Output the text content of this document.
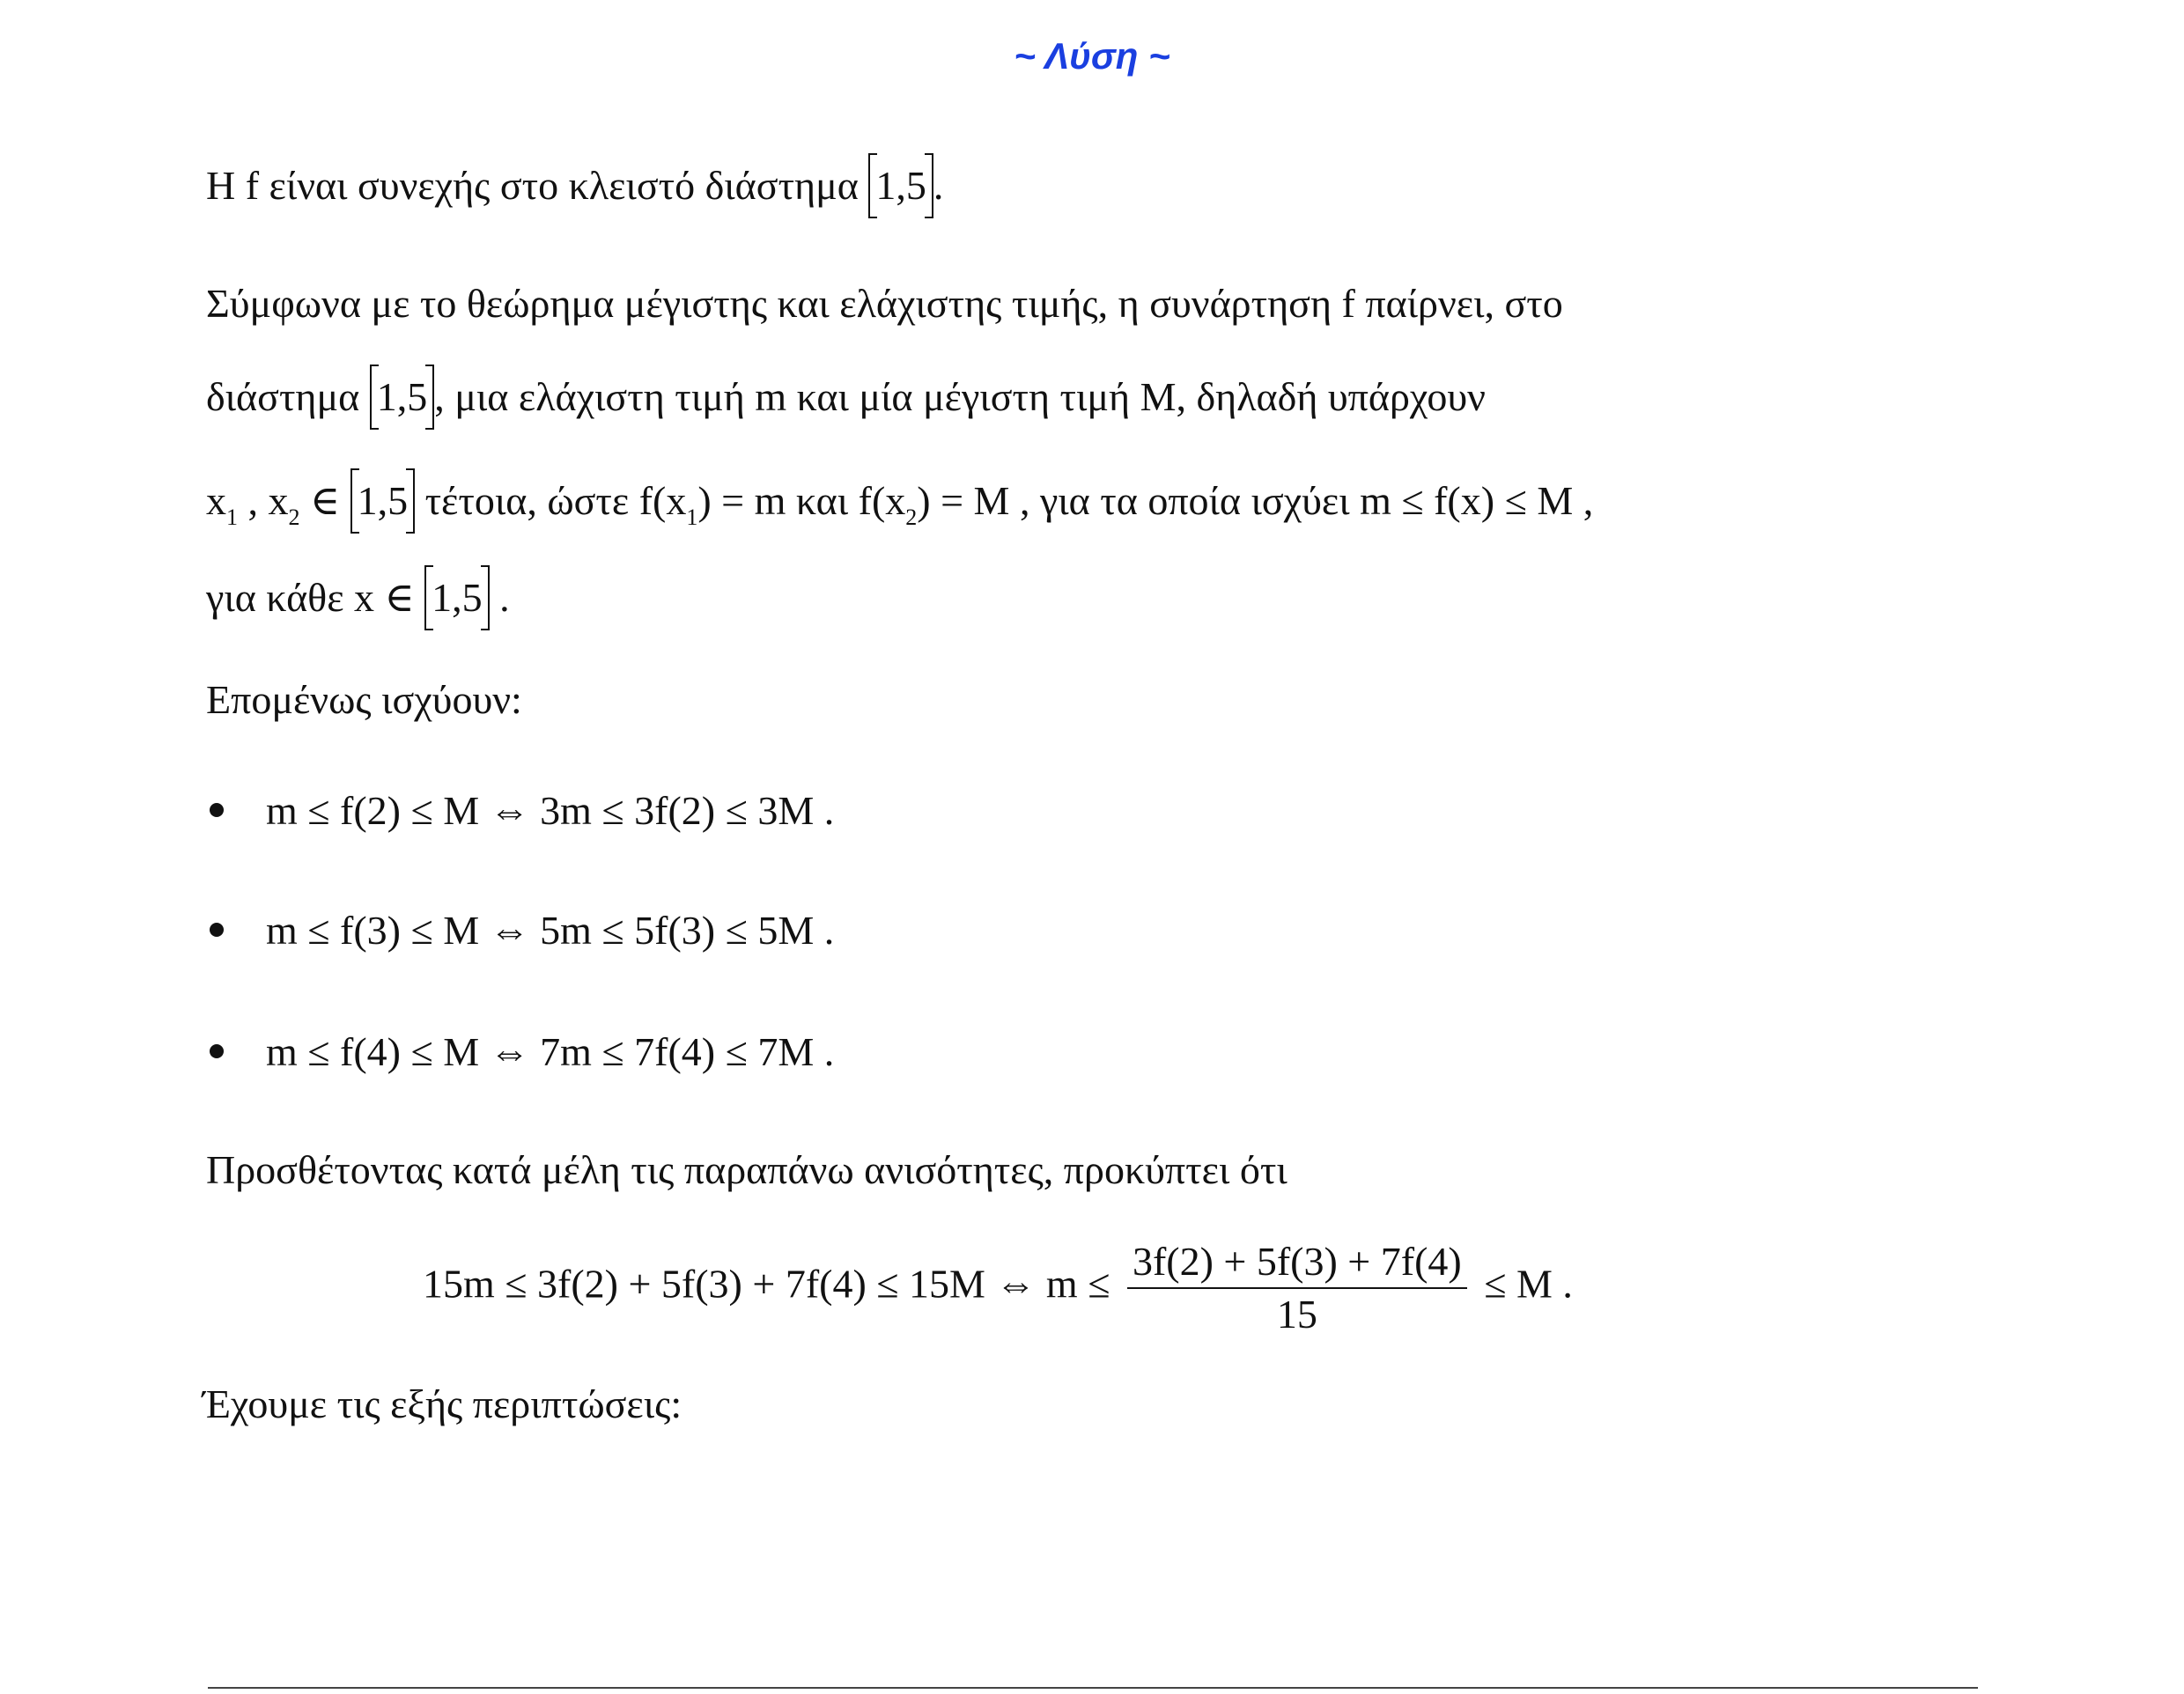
~ Λύση ~
Η f είναι συνεχής στο κλειστό διάστημα 1,5 .
Σύμφωνα με το θεώρημα μέγιστης και ελάχιστης τιμής, η συνάρτηση f παίρνει, στο
διάστημα 1,5 , μια ελάχιστη τιμή m και μία μέγιστη τιμή M, δηλαδή υπάρχουν
$x_1$ , $x_2$ ∈ 1,5 τέτοια, ώστε $f(x_1) = m$ και $f(x_2) = M$ , για τα οποία ισχύει m ≤ f(x) ≤ M ,
για κάθε x ∈ 1,5 .
Επομένως ισχύουν:
m ≤ f(2) ≤ M ⇔ 3m ≤ 3f(2) ≤ 3M .
m ≤ f(3) ≤ M ⇔ 5m ≤ 5f(3) ≤ 5M .
m ≤ f(4) ≤ M ⇔ 7m ≤ 7f(4) ≤ 7M .
Προσθέτοντας κατά μέλη τις παραπάνω ανισότητες, προκύπτει ότι
15m ≤ 3f(2) + 5f(3) + 7f(4) ≤ 15M ⇔ $m \le \frac{3f(2) + 5f(3) + 7f(4)}{15} \le M$ .
Έχουμε τις εξής περιπτώσεις:
